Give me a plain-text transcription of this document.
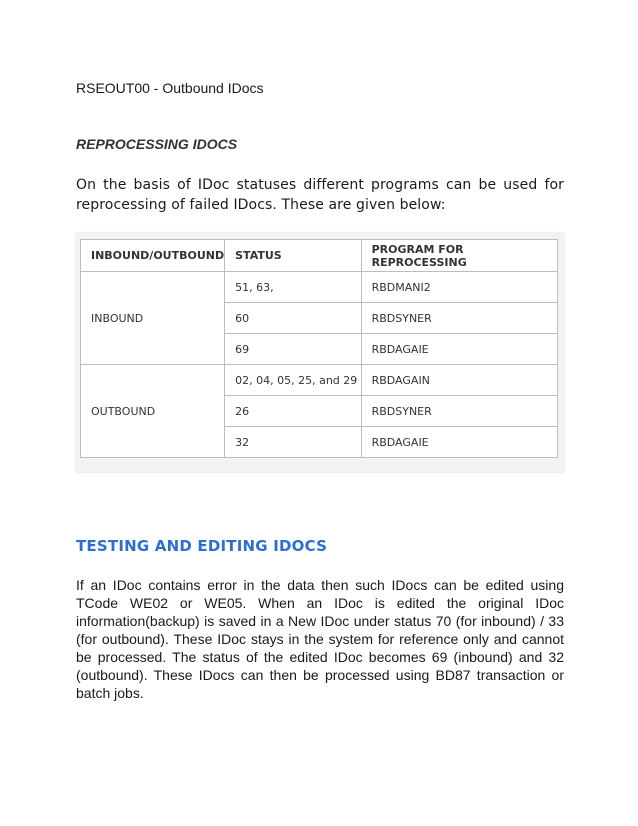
RSEOUT00 - Outbound IDocs
REPROCESSING IDOCS
On the basis of IDoc statuses different programs can be used for reprocessing of failed IDocs. These are given below:
INBOUND/OUTBOUND	STATUS	PROGRAM FOR REPROCESSING
INBOUND	51, 63,	RBDMANI2
	60	RBDSYNER
	69	RBDAGAIE
OUTBOUND	02, 04, 05, 25, and 29	RBDAGAIN
	26	RBDSYNER
	32	RBDAGAIE
TESTING AND EDITING IDOCS
If an IDoc contains error in the data then such IDocs can be edited using TCode WE02 or WE05. When an IDoc is edited the original IDoc information(backup) is saved in a New IDoc under status 70 (for inbound) / 33 (for outbound). These IDoc stays in the system for reference only and cannot be processed. The status of the edited IDoc becomes 69 (inbound) and 32 (outbound). These IDocs can then be processed using BD87 transaction or batch jobs.
